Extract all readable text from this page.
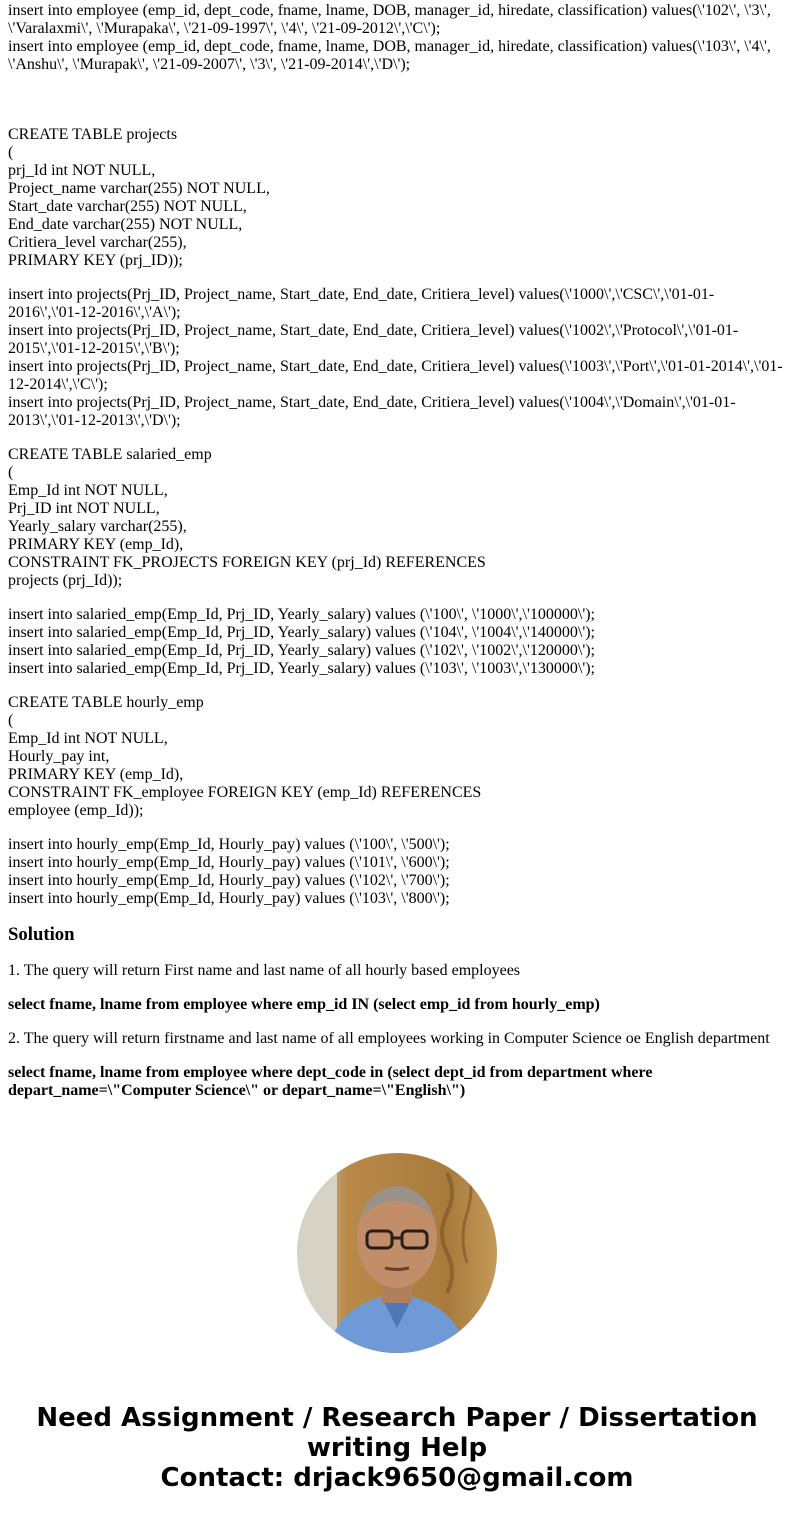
insert into employee (emp_id, dept_code, fname, lname, DOB, manager_id, hiredate, classification) values(\'102\', \'3\', \'Varalaxmi\', \'Murapaka\', \'21-09-1997\', \'4\', \'21-09-2012\',\'C\');
insert into employee (emp_id, dept_code, fname, lname, DOB, manager_id, hiredate, classification) values(\'103\', \'4\', \'Anshu\', \'Murapak\', \'21-09-2007\', \'3\', \'21-09-2014\',\'D\');
CREATE TABLE projects
(
prj_Id int NOT NULL,
Project_name varchar(255) NOT NULL,
Start_date varchar(255) NOT NULL,
End_date varchar(255) NOT NULL,
Critiera_level varchar(255),
PRIMARY KEY (prj_ID));
insert into projects(Prj_ID, Project_name, Start_date, End_date, Critiera_level) values(\'1000\',\'CSC\',\'01-01-2016\',\'01-12-2016\',\'A\');
insert into projects(Prj_ID, Project_name, Start_date, End_date, Critiera_level) values(\'1002\',\'Protocol\',\'01-01-2015\',\'01-12-2015\',\'B\');
insert into projects(Prj_ID, Project_name, Start_date, End_date, Critiera_level) values(\'1003\',\'Port\',\'01-01-2014\',\'01-12-2014\',\'C\');
insert into projects(Prj_ID, Project_name, Start_date, End_date, Critiera_level) values(\'1004\',\'Domain\',\'01-01-2013\',\'01-12-2013\',\'D\');
CREATE TABLE salaried_emp
(
Emp_Id int NOT NULL,
Prj_ID int NOT NULL,
Yearly_salary varchar(255),
PRIMARY KEY (emp_Id),
CONSTRAINT FK_PROJECTS FOREIGN KEY (prj_Id) REFERENCES
projects (prj_Id));
insert into salaried_emp(Emp_Id, Prj_ID, Yearly_salary) values (\'100\', \'1000\',\'100000\');
insert into salaried_emp(Emp_Id, Prj_ID, Yearly_salary) values (\'104\', \'1004\',\'140000\');
insert into salaried_emp(Emp_Id, Prj_ID, Yearly_salary) values (\'102\', \'1002\',\'120000\');
insert into salaried_emp(Emp_Id, Prj_ID, Yearly_salary) values (\'103\', \'1003\',\'130000\');
CREATE TABLE hourly_emp
(
Emp_Id int NOT NULL,
Hourly_pay int,
PRIMARY KEY (emp_Id),
CONSTRAINT FK_employee FOREIGN KEY (emp_Id) REFERENCES
employee (emp_Id));
insert into hourly_emp(Emp_Id, Hourly_pay) values (\'100\', \'500\');
insert into hourly_emp(Emp_Id, Hourly_pay) values (\'101\', \'600\');
insert into hourly_emp(Emp_Id, Hourly_pay) values (\'102\', \'700\');
insert into hourly_emp(Emp_Id, Hourly_pay) values (\'103\', \'800\');
Solution

1. The query will return First name and last name of all hourly based employees

select fname, lname from employee where emp_id IN (select emp_id from hourly_emp)

2. The query will return firstname and last name of all employees working in Computer Science oe English department

select fname, lname from employee where dept_code in (select dept_id from department where depart_name=\"Computer Science\" or depart_name=\"English\")

Need Assignment / Research Paper / Dissertation
writing Help
Contact: drjack9650@gmail.com
